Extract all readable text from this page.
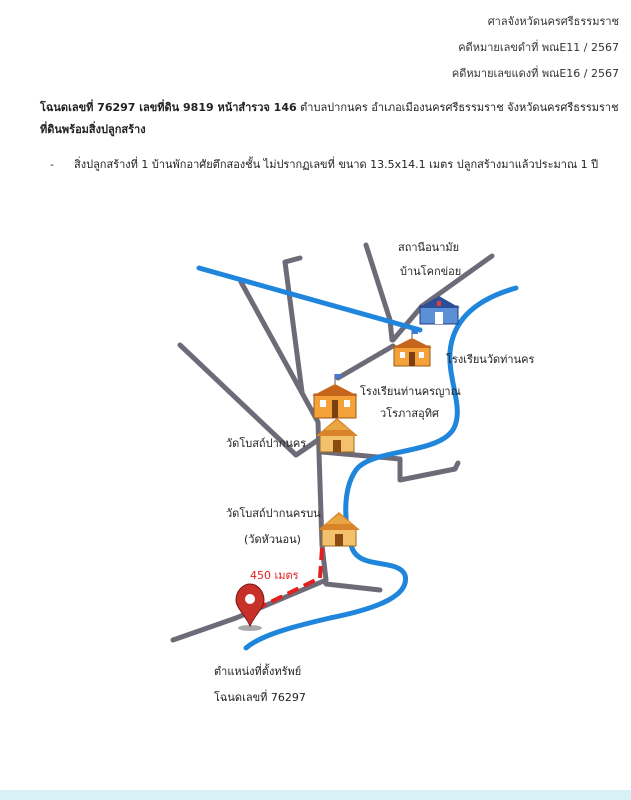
ศาลจังหวัดนครศรีธรรมราช
คดีหมายเลขดำที่ พณE11 / 2567
คดีหมายเลขแดงที่ พณE16 / 2567
โฉนดเลขที่ 76297 เลขที่ดิน 9819 หน้าสำรวจ 146 ตำบลปากนคร อำเภอเมืองนครศรีธรรมราช จังหวัดนครศรีธรรมราช
ที่ดินพร้อมสิ่งปลูกสร้าง
- สิ่งปลูกสร้างที่ 1 บ้านพักอาศัยตึกสองชั้น ไม่ปรากฏเลขที่ ขนาด 13.5x14.1 เมตร ปลูกสร้างมาแล้วประมาณ 1 ปี
สถานีอนามัย
บ้านโคกข่อย
โรงเรียนวัดท่านคร
โรงเรียนท่านครญาณ
วโรภาสอุทิศ
วัดโบสถ์ปากนคร
วัดโบสถ์ปากนครบน
(วัดหัวนอน)
450 เมตร
ตำแหน่งที่ตั้งทรัพย์
โฉนดเลขที่ 76297
